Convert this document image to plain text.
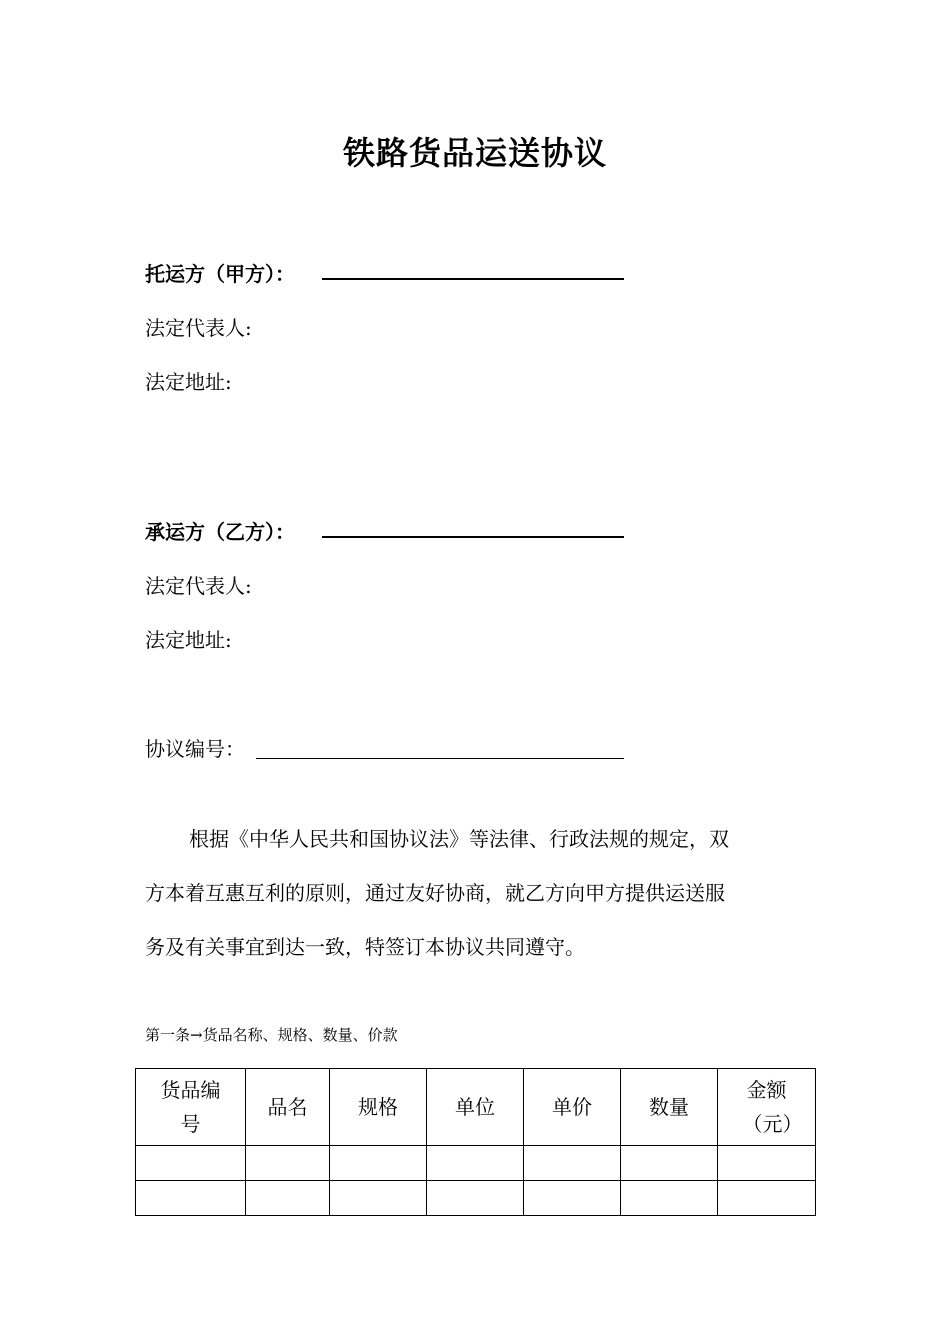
铁路货品运送协议
托运方（甲方）：
法定代表人:
法定地址:
承运方（乙方）：
法定代表人:
法定地址:
协议编号：

根据《中华人民共和国协议法》等法律、行政法规的规定，双

方本着互惠互利的原则，通过友好协商，就乙方向甲方提供运送服

务及有关事宜到达一致，特签订本协议共同遵守。

第一条→货品名称、规格、数量、价款
货品编号	品名	规格	单位	单价	数量	金额（元）
